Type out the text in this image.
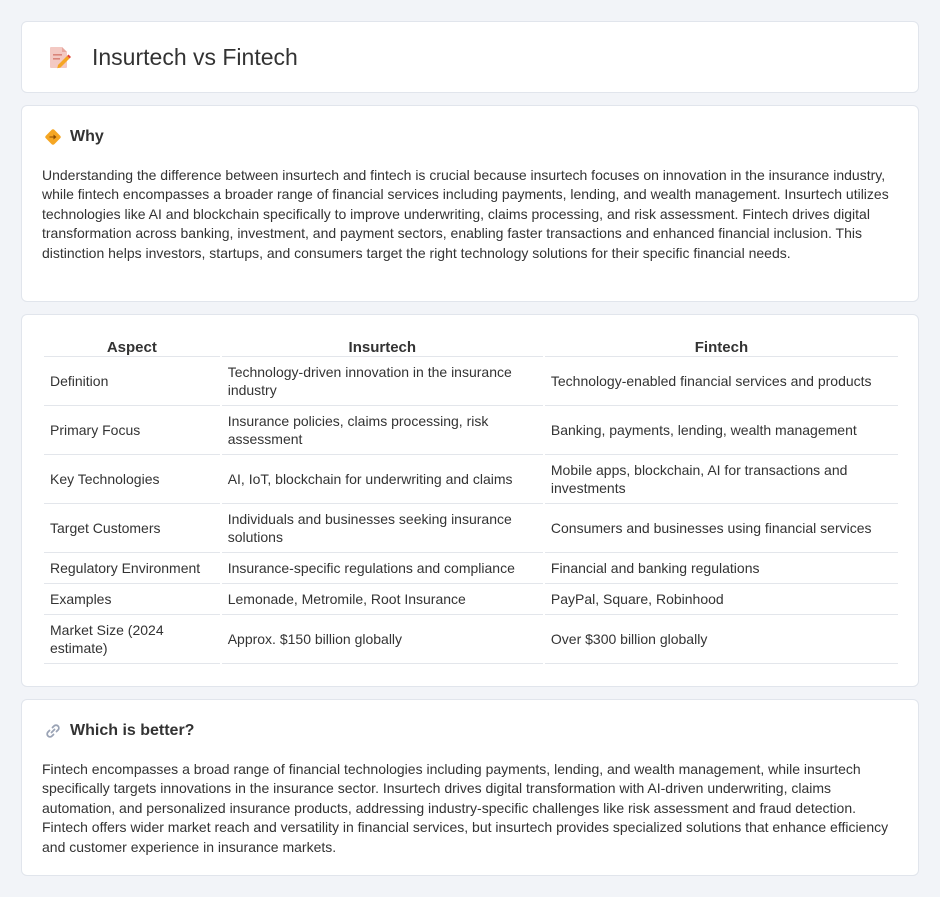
Insurtech vs Fintech
Why

Understanding the difference between insurtech and fintech is crucial because insurtech focuses on innovation in the insurance industry, while fintech encompasses a broader range of financial services including payments, lending, and wealth management. Insurtech utilizes technologies like AI and blockchain specifically to improve underwriting, claims processing, and risk assessment. Fintech drives digital transformation across banking, investment, and payment sectors, enabling faster transactions and enhanced financial inclusion. This distinction helps investors, startups, and consumers target the right technology solutions for their specific financial needs.

Aspect	Insurtech	Fintech
Definition	Technology-driven innovation in the insurance industry	Technology-enabled financial services and products
Primary Focus	Insurance policies, claims processing, risk assessment	Banking, payments, lending, wealth management
Key Technologies	AI, IoT, blockchain for underwriting and claims	Mobile apps, blockchain, AI for transactions and investments
Target Customers	Individuals and businesses seeking insurance solutions	Consumers and businesses using financial services
Regulatory Environment	Insurance-specific regulations and compliance	Financial and banking regulations
Examples	Lemonade, Metromile, Root Insurance	PayPal, Square, Robinhood
Market Size (2024 estimate)	Approx. $150 billion globally	Over $300 billion globally
Which is better?

Fintech encompasses a broad range of financial technologies including payments, lending, and wealth management, while insurtech specifically targets innovations in the insurance sector. Insurtech drives digital transformation with AI-driven underwriting, claims automation, and personalized insurance products, addressing industry-specific challenges like risk assessment and fraud detection. Fintech offers wider market reach and versatility in financial services, but insurtech provides specialized solutions that enhance efficiency and customer experience in insurance markets.
